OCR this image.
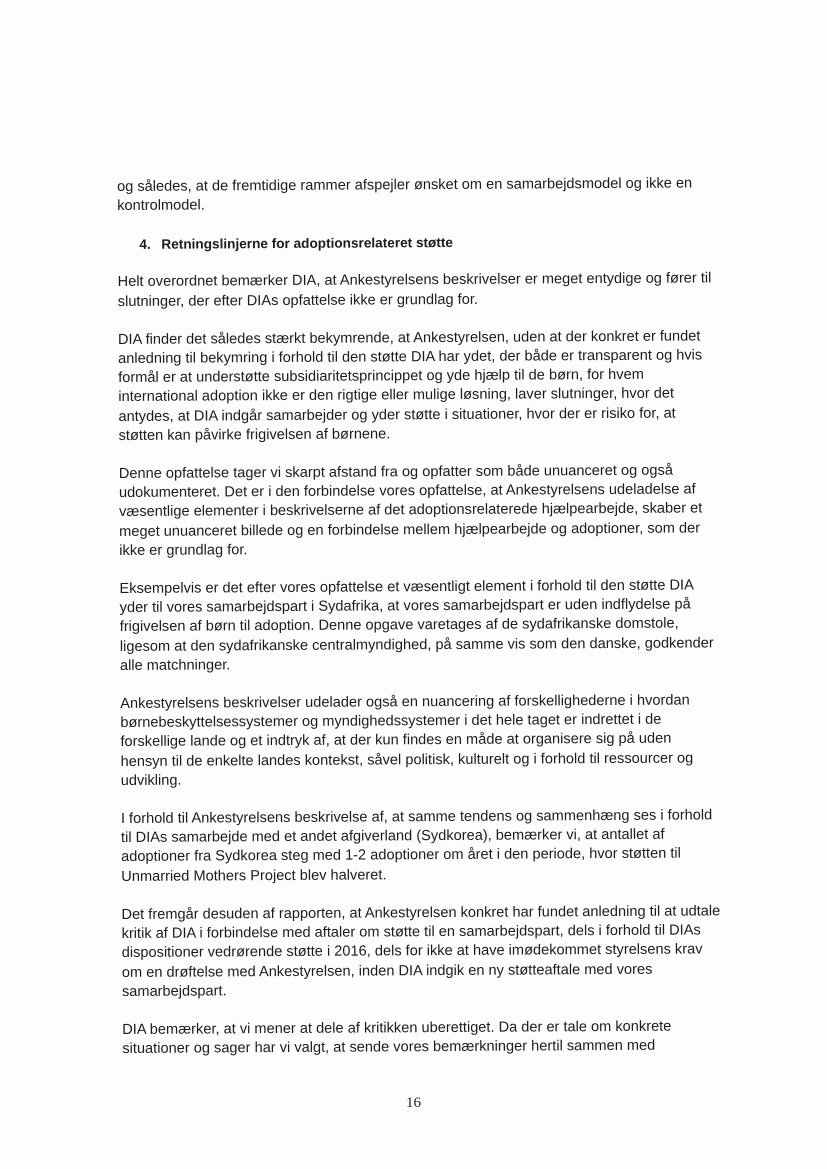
og således, at de fremtidige rammer afspejler ønsket om en samarbejdsmodel og ikke en kontrolmodel.

4. Retningslinjerne for adoptionsrelateret støtte

Helt overordnet bemærker DIA, at Ankestyrelsens beskrivelser er meget entydige og fører til slutninger, der efter DIAs opfattelse ikke er grundlag for.

DIA finder det således stærkt bekymrende, at Ankestyrelsen, uden at der konkret er fundet anledning til bekymring i forhold til den støtte DIA har ydet, der både er transparent og hvis formål er at understøtte subsidiaritetsprincippet og yde hjælp til de børn, for hvem international adoption ikke er den rigtige eller mulige løsning, laver slutninger, hvor det antydes, at DIA indgår samarbejder og yder støtte i situationer, hvor der er risiko for, at støtten kan påvirke frigivelsen af børnene.

Denne opfattelse tager vi skarpt afstand fra og opfatter som både unuanceret og også udokumenteret. Det er i den forbindelse vores opfattelse, at Ankestyrelsens udeladelse af væsentlige elementer i beskrivelserne af det adoptionsrelaterede hjælpearbejde, skaber et meget unuanceret billede og en forbindelse mellem hjælpearbejde og adoptioner, som der ikke er grundlag for.

Eksempelvis er det efter vores opfattelse et væsentligt element i forhold til den støtte DIA yder til vores samarbejdspart i Sydafrika, at vores samarbejdspart er uden indflydelse på frigivelsen af børn til adoption. Denne opgave varetages af de sydafrikanske domstole, ligesom at den sydafrikanske centralmyndighed, på samme vis som den danske, godkender alle matchninger.

Ankestyrelsens beskrivelser udelader også en nuancering af forskellighederne i hvordan børnebeskyttelsessystemer og myndighedssystemer i det hele taget er indrettet i de forskellige lande og et indtryk af, at der kun findes en måde at organisere sig på uden hensyn til de enkelte landes kontekst, såvel politisk, kulturelt og i forhold til ressourcer og udvikling.

I forhold til Ankestyrelsens beskrivelse af, at samme tendens og sammenhæng ses i forhold til DIAs samarbejde med et andet afgiverland (Sydkorea), bemærker vi, at antallet af adoptioner fra Sydkorea steg med 1-2 adoptioner om året i den periode, hvor støtten til Unmarried Mothers Project blev halveret.

Det fremgår desuden af rapporten, at Ankestyrelsen konkret har fundet anledning til at udtale kritik af DIA i forbindelse med aftaler om støtte til en samarbejdspart, dels i forhold til DIAs dispositioner vedrørende støtte i 2016, dels for ikke at have imødekommet styrelsens krav om en drøftelse med Ankestyrelsen, inden DIA indgik en ny støtteaftale med vores samarbejdspart.

DIA bemærker, at vi mener at dele af kritikken uberettiget. Da der er tale om konkrete situationer og sager har vi valgt, at sende vores bemærkninger hertil sammen med

16
